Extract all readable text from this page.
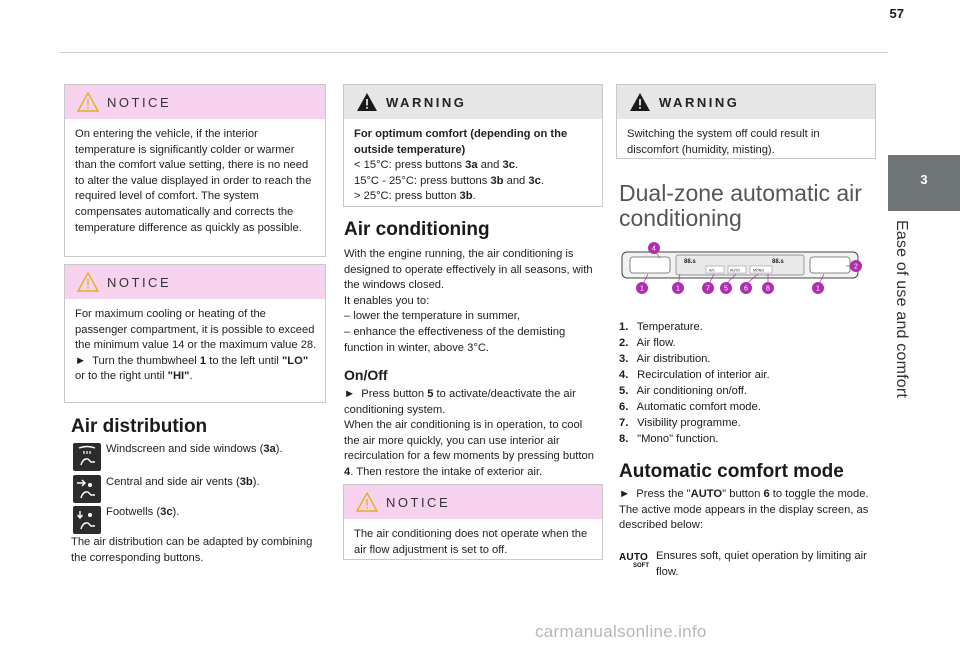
57
3
Ease of use and comfort
NOTICE

On entering the vehicle, if the interior temperature is significantly colder or warmer than the comfort value setting, there is no need to alter the value displayed in order to reach the required level of comfort. The system compensates automatically and corrects the temperature difference as quickly as possible.

NOTICE

For maximum cooling or heating of the passenger compartment, it is possible to exceed the minimum value 14 or the maximum value 28.

► Turn the thumbwheel 1 to the left until "LO" or to the right until "HI".

Air distribution
Windscreen and side windows (3a).
Central and side air vents (3b).
Footwells (3c).
The air distribution can be adapted by combining the corresponding buttons.
WARNING

For optimum comfort (depending on the outside temperature)

< 15°C: press buttons 3a and 3c.

15°C - 25°C: press buttons 3b and 3c.

> 25°C: press button 3b.

Air conditioning

With the engine running, the air conditioning is designed to operate effectively in all seasons, with the windows closed.

It enables you to:

– lower the temperature in summer,

– enhance the effectiveness of the demisting function in winter, above 3°C.

On/Off

► Press button 5 to activate/deactivate the air conditioning system.

When the air conditioning is in operation, to cool the air more quickly, you can use interior air recirculation for a few moments by pressing button 4. Then restore the intake of exterior air.

NOTICE

The air conditioning does not operate when the air flow adjustment is set to off.

WARNING

Switching the system off could result in discomfort (humidity, misting).

Dual-zone automatic air conditioning
88.s	88.s
A/C	AUTO	MONO
4
2
1	1	7 5 6	8	1
1. Temperature.
2. Air flow.
3. Air distribution.
4. Recirculation of interior air.
5. Air conditioning on/off.
6. Automatic comfort mode.
7. Visibility programme.
8. "Mono" function.
Automatic comfort mode

► Press the "AUTO" button 6 to toggle the mode.

The active mode appears in the display screen, as described below:

AUTO
SOFT
Ensures soft, quiet operation by limiting air flow.
carmanualsonline.info
